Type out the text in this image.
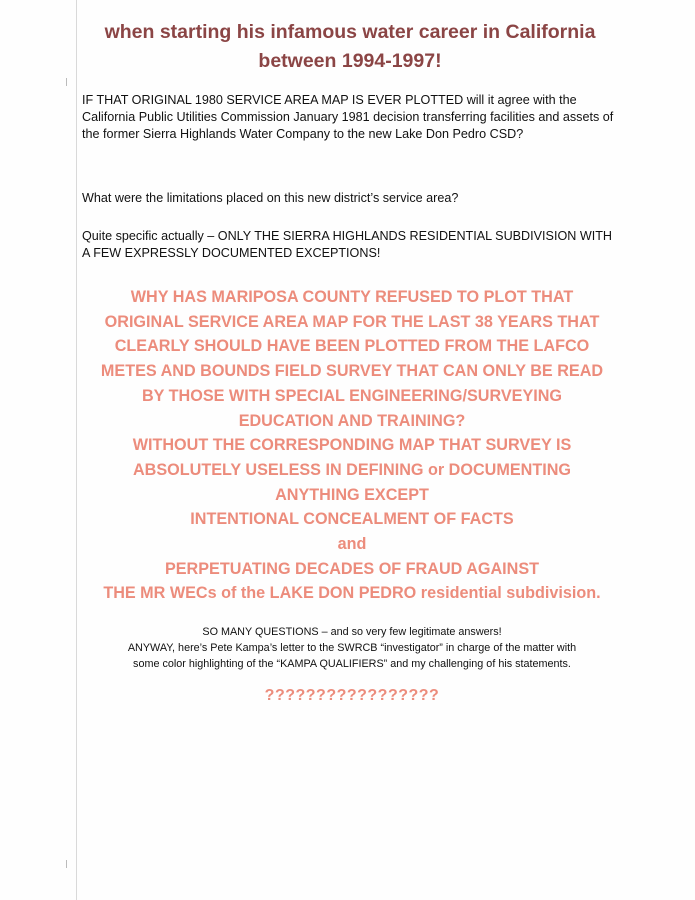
when starting his infamous water career in California
between 1994-1997!
IF THAT ORIGINAL 1980 SERVICE AREA MAP IS EVER PLOTTED will it agree with the California Public Utilities Commission January 1981 decision transferring facilities and assets of the former Sierra Highlands Water Company to the new Lake Don Pedro CSD?
What were the limitations placed on this new district’s service area?
Quite specific actually – ONLY THE SIERRA HIGHLANDS RESIDENTIAL SUBDIVISION WITH A FEW EXPRESSLY DOCUMENTED EXCEPTIONS!
WHY HAS MARIPOSA COUNTY REFUSED TO PLOT THAT
ORIGINAL SERVICE AREA MAP FOR THE LAST 38 YEARS THAT
CLEARLY SHOULD HAVE BEEN PLOTTED FROM THE LAFCO
METES AND BOUNDS FIELD SURVEY THAT CAN ONLY BE READ
BY THOSE WITH SPECIAL ENGINEERING/SURVEYING
EDUCATION AND TRAINING?
WITHOUT THE CORRESPONDING MAP THAT SURVEY IS
ABSOLUTELY USELESS IN DEFINING or DOCUMENTING
ANYTHING EXCEPT
INTENTIONAL CONCEALMENT OF FACTS
and
PERPETUATING DECADES OF FRAUD AGAINST
THE MR WECs of the LAKE DON PEDRO residential subdivision.
SO MANY QUESTIONS – and so very few legitimate answers!
ANYWAY, here’s Pete Kampa’s letter to the SWRCB “investigator” in charge of the matter with
some color highlighting of the “KAMPA QUALIFIERS” and my challenging of his statements.
?????????????????
